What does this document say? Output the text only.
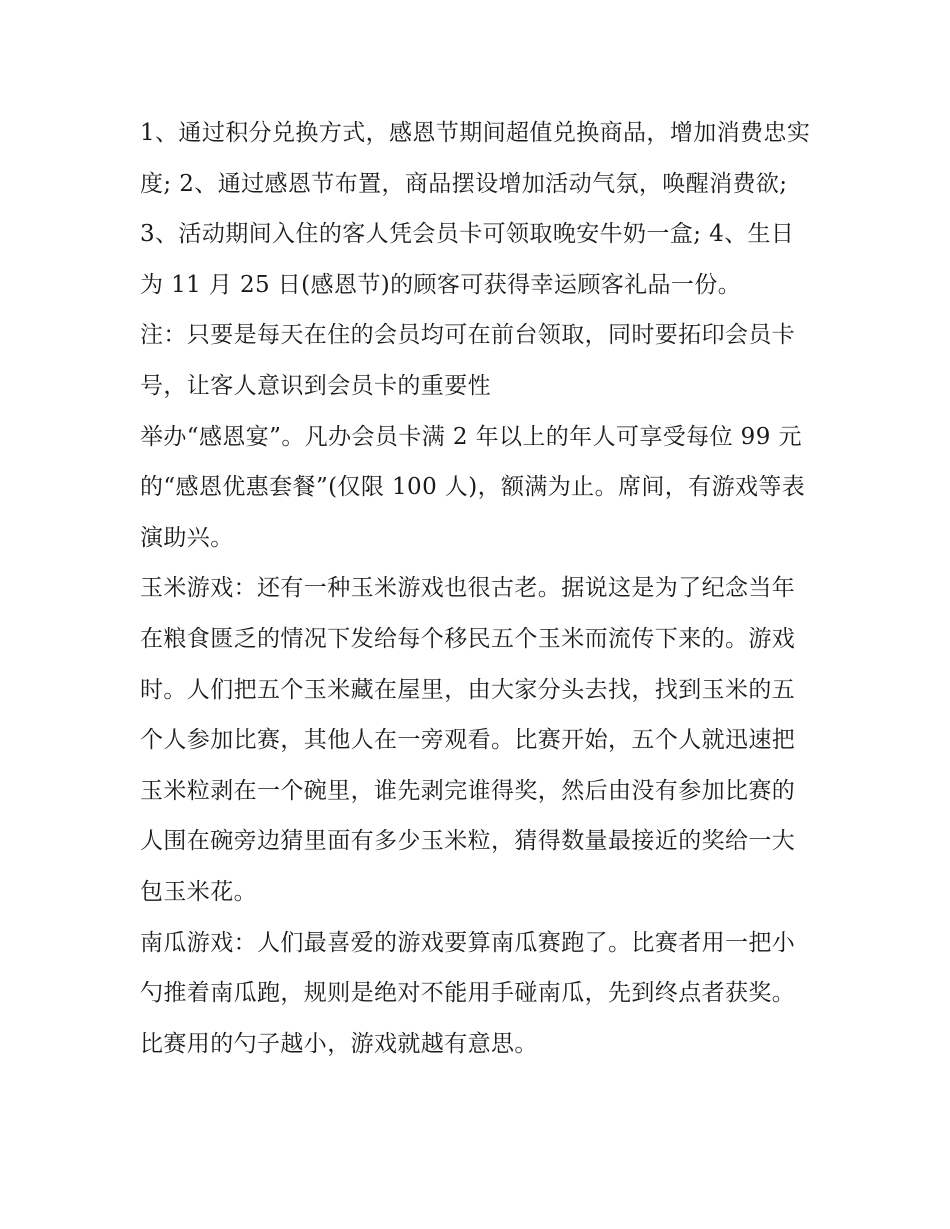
1、通过积分兑换方式，感恩节期间超值兑换商品，增加消费忠实度; 2、通过感恩节布置，商品摆设增加活动气氛，唤醒消费欲;

3、活动期间入住的客人凭会员卡可领取晚安牛奶一盒; 4、生日为 11 月 25 日(感恩节)的顾客可获得幸运顾客礼品一份。

注：只要是每天在住的会员均可在前台领取，同时要拓印会员卡号，让客人意识到会员卡的重要性

举办“感恩宴”。凡办会员卡满 2 年以上的年人可享受每位 99 元的“感恩优惠套餐”(仅限 100 人)，额满为止。席间，有游戏等表演助兴。

玉米游戏：还有一种玉米游戏也很古老。据说这是为了纪念当年在粮食匮乏的情况下发给每个移民五个玉米而流传下来的。游戏时。人们把五个玉米藏在屋里，由大家分头去找，找到玉米的五个人参加比赛，其他人在一旁观看。比赛开始，五个人就迅速把玉米粒剥在一个碗里，谁先剥完谁得奖，然后由没有参加比赛的人围在碗旁边猜里面有多少玉米粒，猜得数量最接近的奖给一大包玉米花。

南瓜游戏：人们最喜爱的游戏要算南瓜赛跑了。比赛者用一把小勺推着南瓜跑，规则是绝对不能用手碰南瓜，先到终点者获奖。比赛用的勺子越小，游戏就越有意思。
